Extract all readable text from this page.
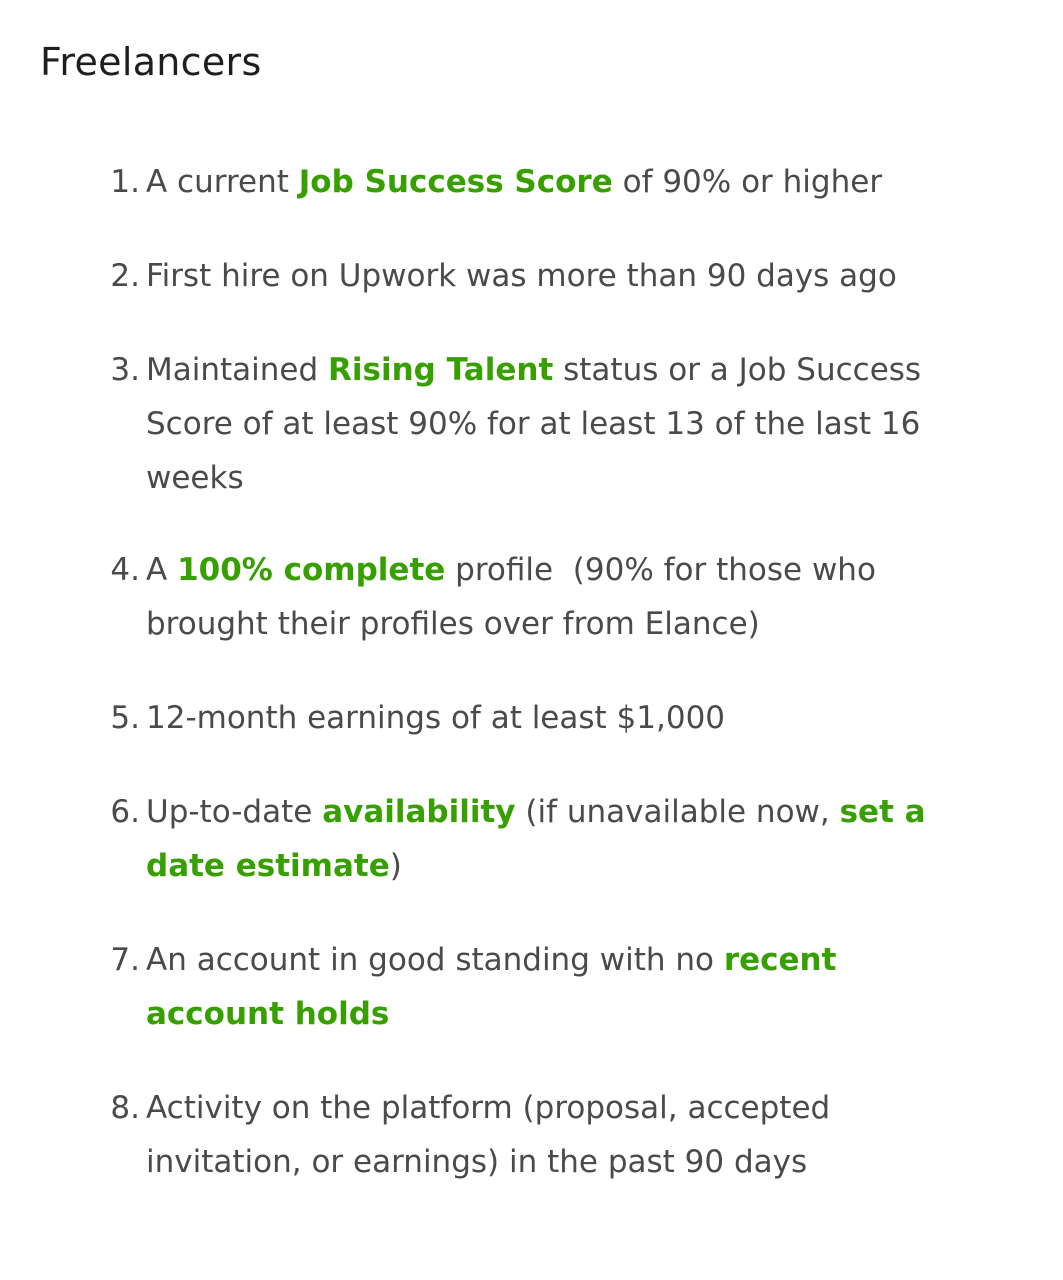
Freelancers
1. A current Job Success Score of 90% or higher
2. First hire on Upwork was more than 90 days ago
3. Maintained Rising Talent status or a Job Success Score of at least 90% for at least 13 of the last 16 weeks
4. A 100% complete profile  (90% for those who brought their profiles over from Elance)
5. 12-month earnings of at least $1,000
6. Up-to-date availability (if unavailable now, set a date estimate)
7. An account in good standing with no recent account holds
8. Activity on the platform (proposal, accepted invitation, or earnings) in the past 90 days
